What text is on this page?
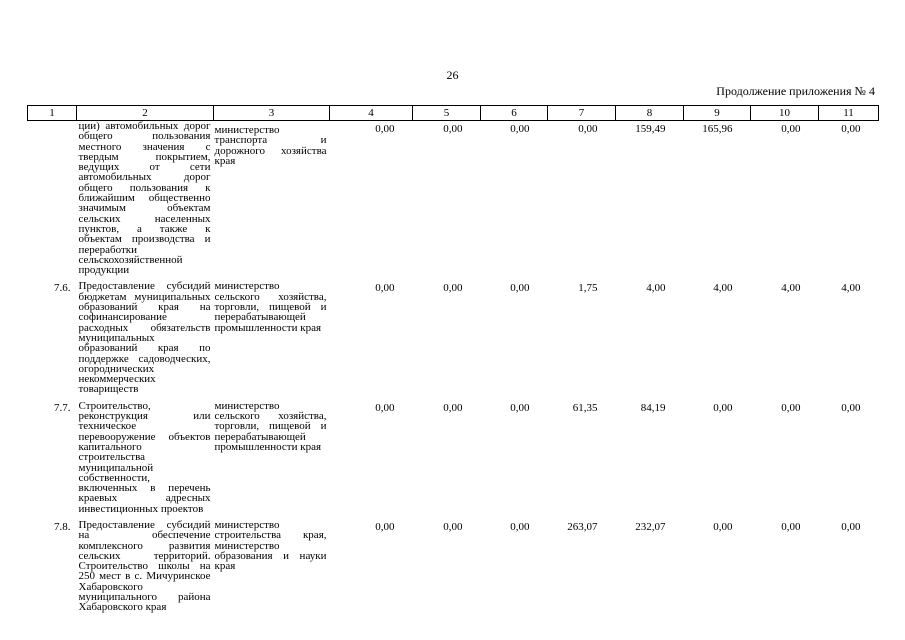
26
Продолжение приложения № 4
1	2	3	4	5	6	7	8	9	10	11
	ции) автомобильных дорог общего пользования местного значения с твердым покрытием, ведущих от сети автомобильных дорог общего пользования к ближайшим общественно значимым объектам сельских населенных пунктов, а также к объектам производства и переработки сельскохозяйственной продукции	министерство транспорта и дорожного хозяйства края	0,00	0,00	0,00	0,00	159,49	165,96	0,00	0,00

7.6.	Предоставление субсидий бюджетам муниципальных образований края на софинансирование расходных обязательств муниципальных образований края по поддержке садоводческих, огороднических некоммерческих товариществ	министерство сельского хозяйства, торговли, пищевой и перерабатывающей промышленности края	0,00	0,00	0,00	1,75	4,00	4,00	4,00	4,00

7.7.	Строительство, реконструкция или техническое перевооружение объектов капитального строительства муниципальной собственности, включенных в перечень краевых адресных инвестиционных проектов	министерство сельского хозяйства, торговли, пищевой и перерабатывающей промышленности края	0,00	0,00	0,00	61,35	84,19	0,00	0,00	0,00

7.8.	Предоставление субсидий на обеспечение комплексного развития сельских территорий. Строительство школы на 250 мест в с. Мичуринское Хабаровского муниципального района Хабаровского края	министерство строительства края, министерство образования и науки края	0,00	0,00	0,00	263,07	232,07	0,00	0,00	0,00
